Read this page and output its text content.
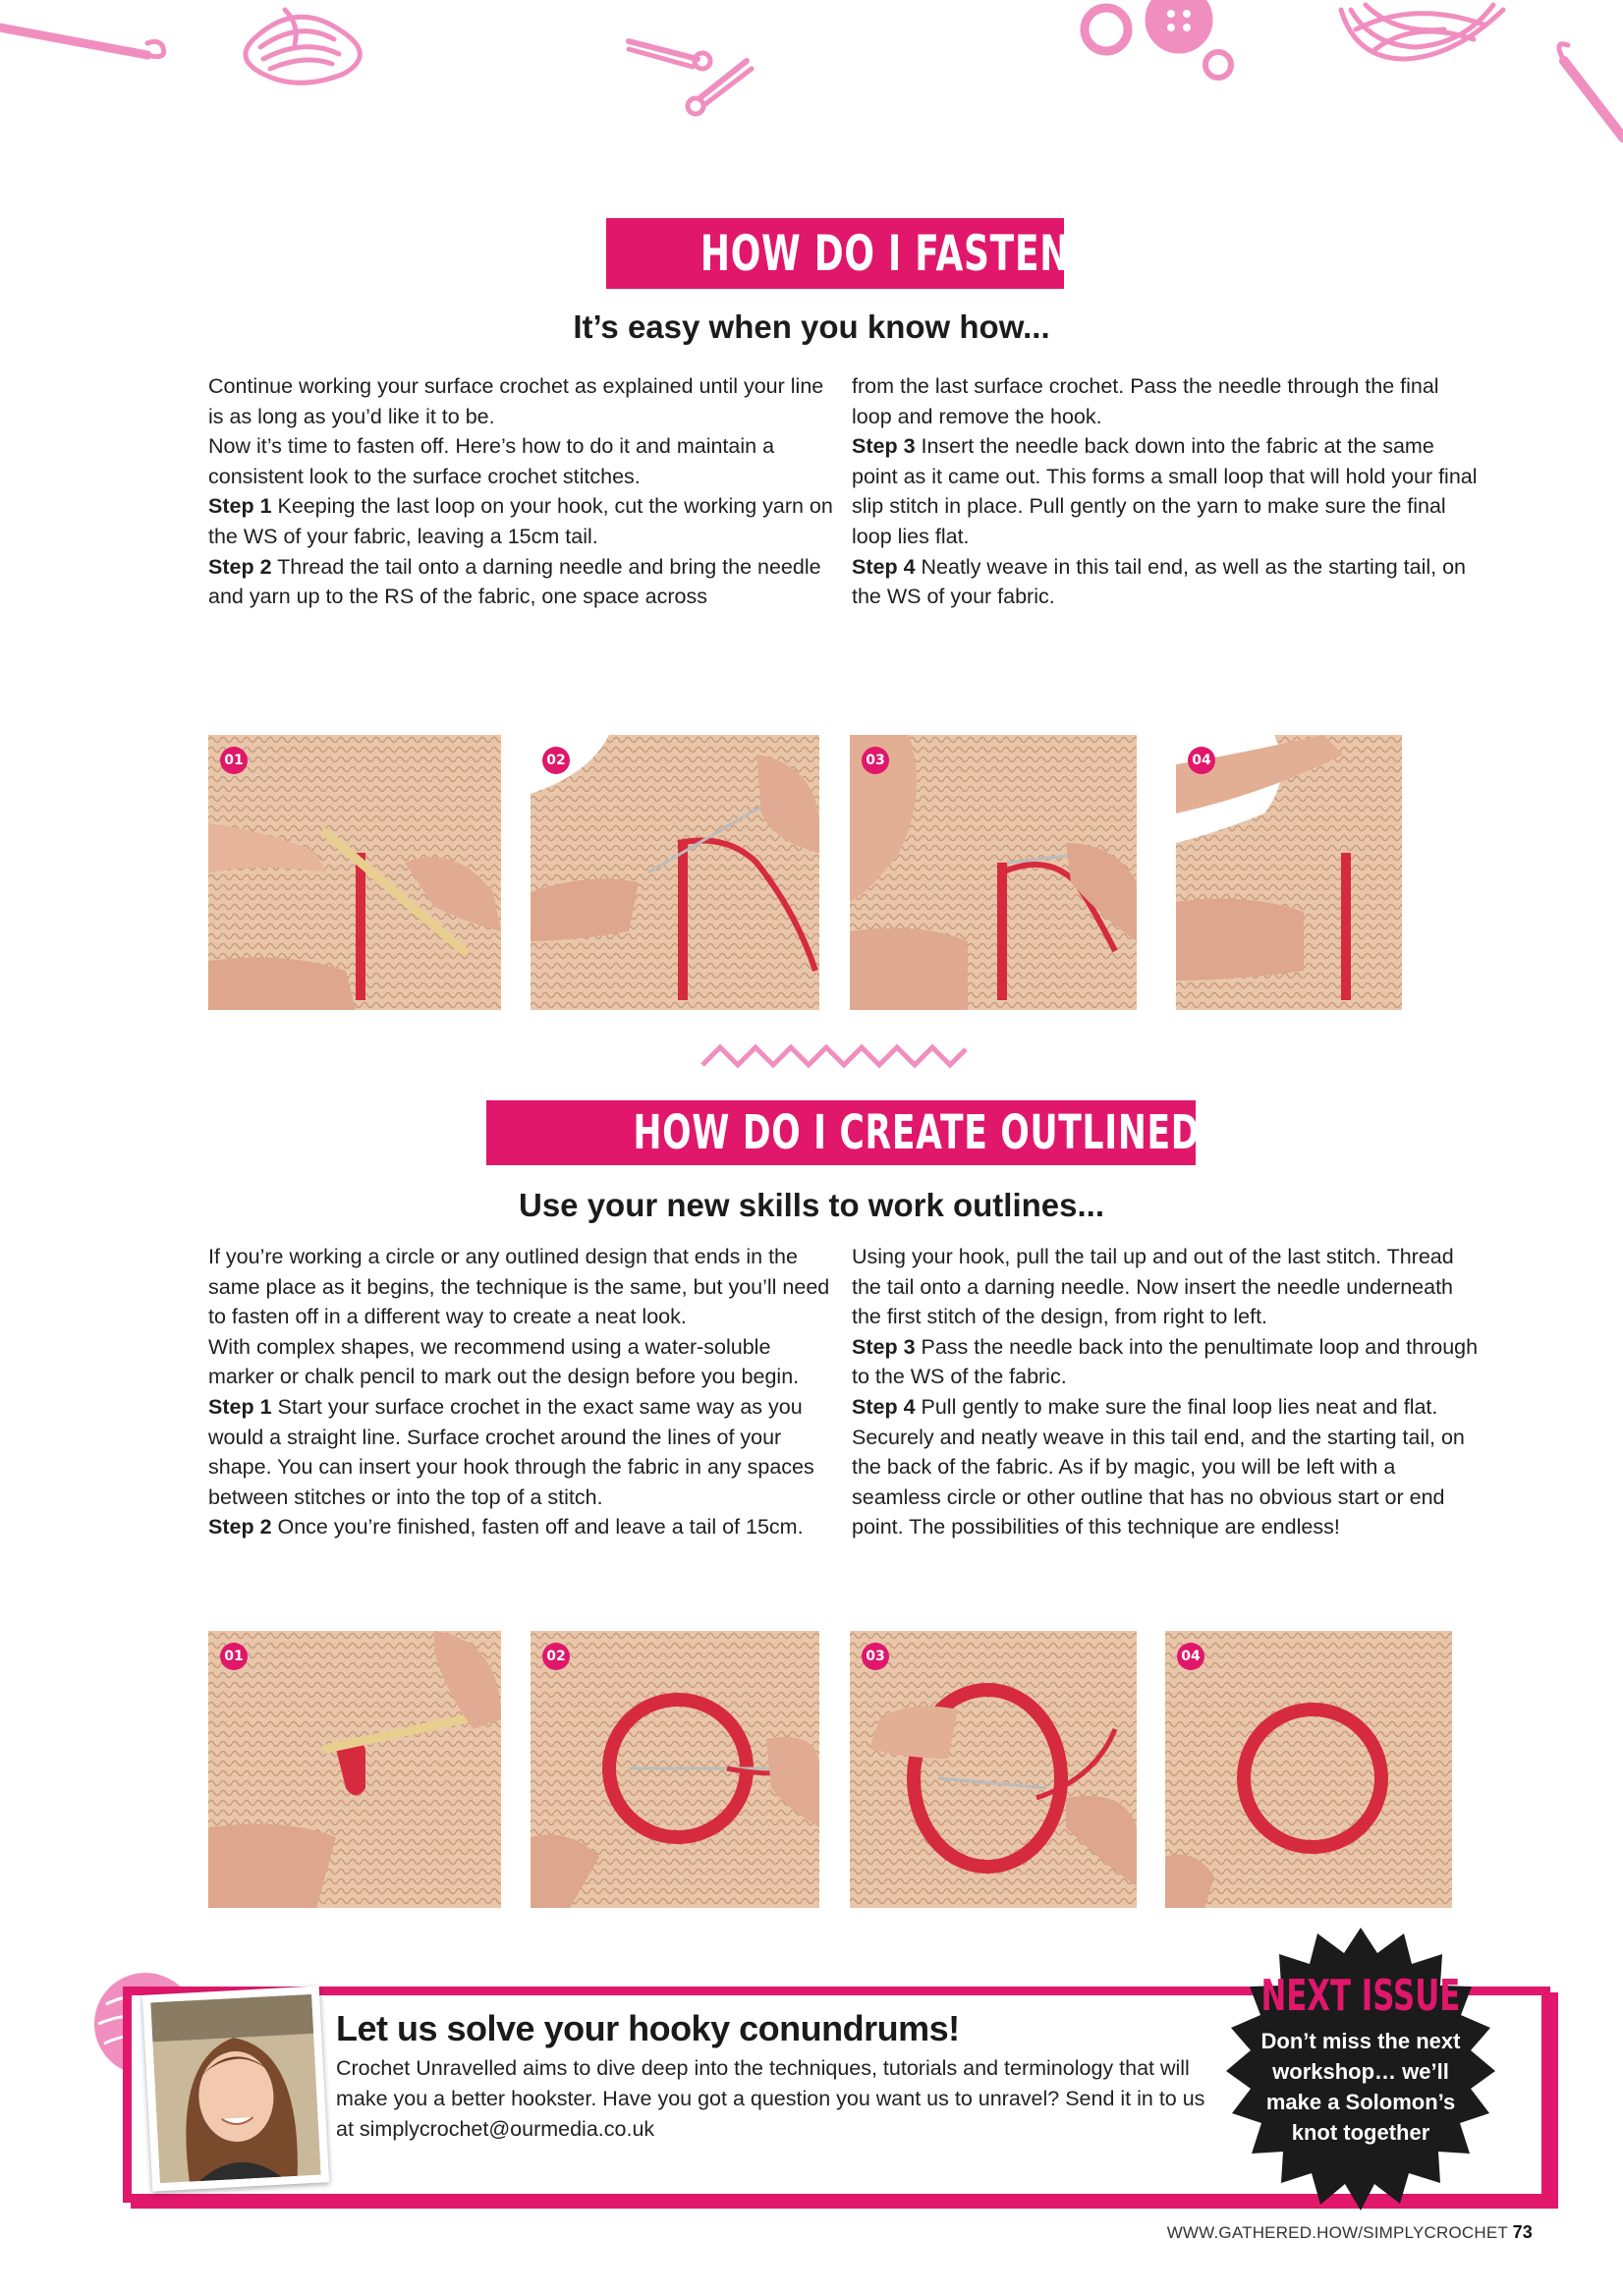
HOW DO I FASTEN OFF?
It’s easy when you know how...

Continue working your surface crochet as explained until your line is as long as you’d like it to be.

Now it’s time to fasten off. Here’s how to do it and maintain a consistent look to the surface crochet stitches.

Step 1 Keeping the last loop on your hook, cut the working yarn on the WS of your fabric, leaving a 15cm tail.

Step 2 Thread the tail onto a darning needle and bring the needle and yarn up to the RS of the fabric, one space across

from the last surface crochet. Pass the needle through the final loop and remove the hook.

Step 3 Insert the needle back down into the fabric at the same point as it came out. This forms a small loop that will hold your final slip stitch in place. Pull gently on the yarn to make sure the final loop lies flat.

Step 4 Neatly weave in this tail end, as well as the starting tail, on the WS of your fabric.

01	02	03	04
HOW DO I CREATE OUTLINED SHAPES?
Use your new skills to work outlines...

If you’re working a circle or any outlined design that ends in the same place as it begins, the technique is the same, but you’ll need to fasten off in a different way to create a neat look.

With complex shapes, we recommend using a water-soluble marker or chalk pencil to mark out the design before you begin.

Step 1 Start your surface crochet in the exact same way as you would a straight line. Surface crochet around the lines of your shape. You can insert your hook through the fabric in any spaces between stitches or into the top of a stitch.

Step 2 Once you’re finished, fasten off and leave a tail of 15cm.

Using your hook, pull the tail up and out of the last stitch. Thread the tail onto a darning needle. Now insert the needle underneath the first stitch of the design, from right to left.

Step 3 Pass the needle back into the penultimate loop and through to the WS of the fabric.

Step 4 Pull gently to make sure the final loop lies neat and flat. Securely and neatly weave in this tail end, and the starting tail, on the back of the fabric. As if by magic, you will be left with a seamless circle or other outline that has no obvious start or end point. The possibilities of this technique are endless!

01	02	03	04
Let us solve your hooky conundrums!
Crochet Unravelled aims to dive deep into the techniques, tutorials and terminology that will make you a better hookster. Have you got a question you want us to unravel? Send it in to us at simplycrochet@ourmedia.co.uk
NEXT ISSUE
Don’t miss the next workshop… we’ll make a Solomon’s knot together
WWW.GATHERED.HOW/SIMPLYCROCHET 73
